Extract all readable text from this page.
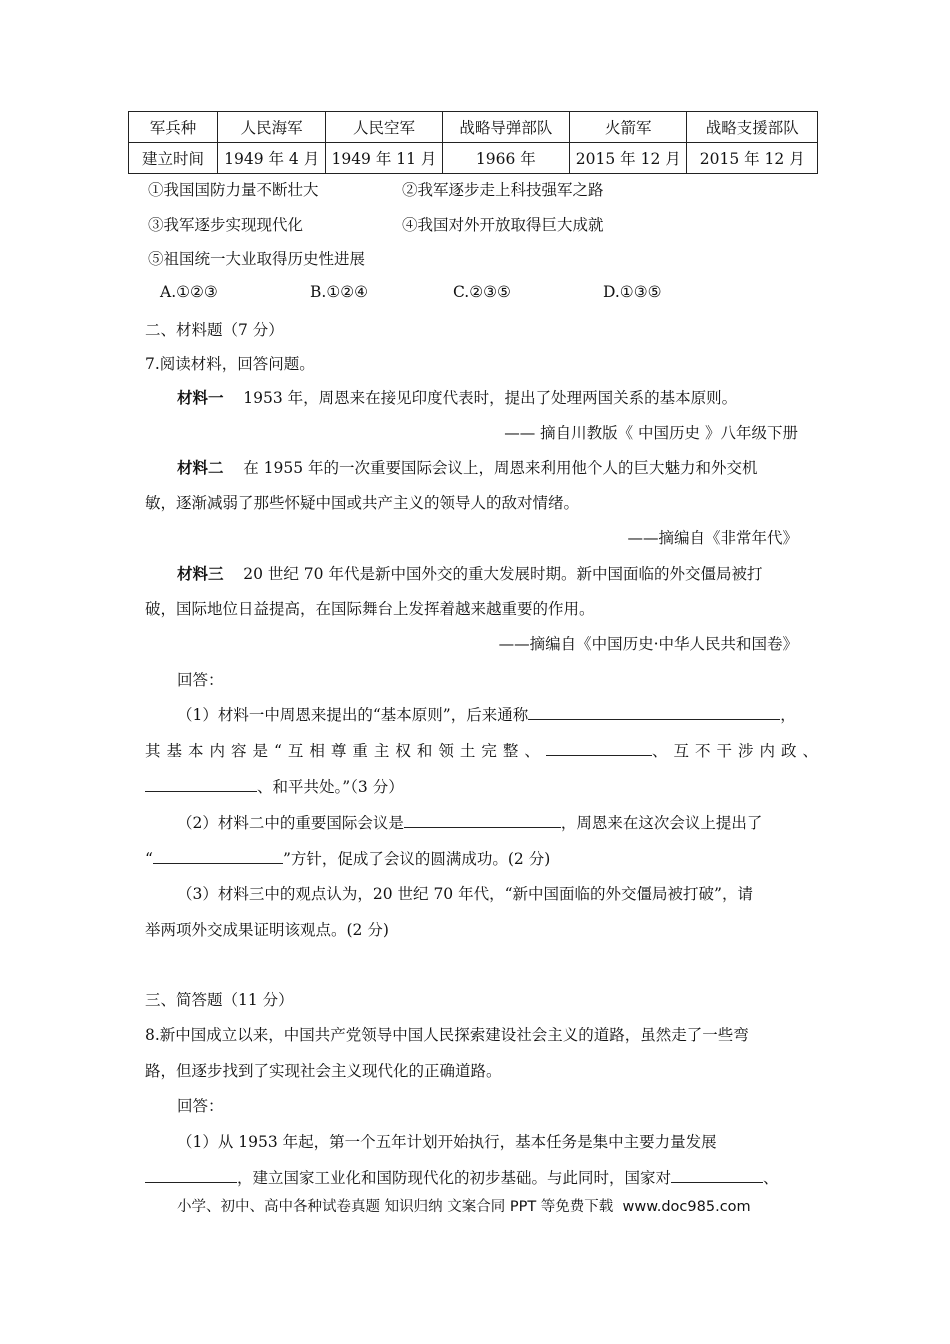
军兵种	人民海军	人民空军	战略导弹部队	火箭军	战略支援部队
建立时间	1949 年 4 月	1949 年 11 月	1966 年	2015 年 12 月	2015 年 12 月
①我国国防力量不断壮大	②我军逐步走上科技强军之路
③我军逐步实现现代化	④我国对外开放取得巨大成就
⑤祖国统一大业取得历史性进展
A.①②③	B.①②④	C.②③⑤	D.①③⑤
二、材料题（7 分）
7.阅读材料，回答问题。
材料一 1953 年，周恩来在接见印度代表时，提出了处理两国关系的基本原则。
—— 摘自川教版《 中国历史 》八年级下册
材料二 在 1955 年的一次重要国际会议上，周恩来利用他个人的巨大魅力和外交机
敏，逐渐减弱了那些怀疑中国或共产主义的领导人的敌对情绪。
——摘编自《非常年代》
材料三 20 世纪 70 年代是新中国外交的重大发展时期。新中国面临的外交僵局被打
破，国际地位日益提高，在国际舞台上发挥着越来越重要的作用。
——摘编自《中国历史·中华人民共和国卷》
回答：
（1）材料一中周恩来提出的“基本原则”，后来通称	，
其基本内容是“互相尊重主权和领土完整、	、互不干涉内政、
、和平共处。”（3 分）
（2）材料二中的重要国际会议是	，周恩来在这次会议上提出了
“	”方针，促成了会议的圆满成功。(2 分)
（3）材料三中的观点认为，20 世纪 70 年代，“新中国面临的外交僵局被打破”，请
举两项外交成果证明该观点。(2 分)
三、简答题（11 分）
8.新中国成立以来，中国共产党领导中国人民探索建设社会主义的道路，虽然走了一些弯
路，但逐步找到了实现社会主义现代化的正确道路。
回答：
（1）从 1953 年起，第一个五年计划开始执行，基本任务是集中主要力量发展
，建立国家工业化和国防现代化的初步基础。与此同时，国家对	、
小学、初中、高中各种试卷真题 知识归纳 文案合同 PPT 等免费下载 www.doc985.com
